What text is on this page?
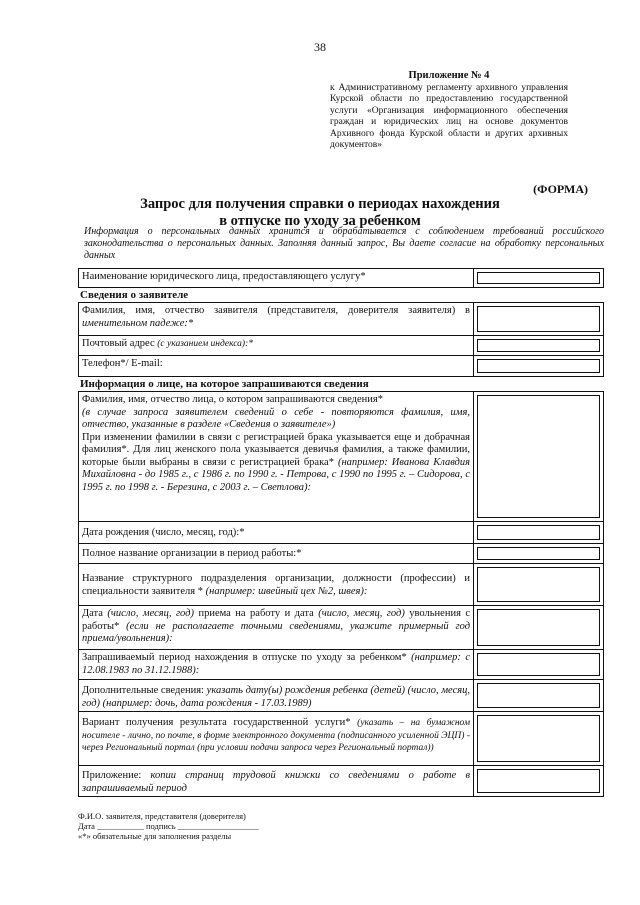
38
Приложение № 4
к Административному регламенту архивного управления Курской области по предоставлению государственной услуги «Организация информационного обеспечения граждан и юридических лиц на основе документов Архивного фонда Курской области и других архивных документов»
(ФОРМА)
Запрос для получения справки о периодах нахождения
в отпуске по уходу за ребенком
Информация о персональных данных хранится и обрабатывается с соблюдением требований российского законодательства о персональных данных. Заполняя данный запрос, Вы даете согласие на обработку персональных данных
Наименование юридического лица, предоставляющего услугу*
Сведения о заявителе
Фамилия, имя, отчество заявителя (представителя, доверителя заявителя) в именительном падеже:*
Почтовый адрес (с указанием индекса):*
Телефон*/ E-mail:
Информация о лице, на которое запрашиваются сведения
Фамилия, имя, отчество лица, о котором запрашиваются сведения*
(в случае запроса заявителем сведений о себе - повторяются фамилия, имя, отчество, указанные в разделе «Сведения о заявителе»)
При изменении фамилии в связи с регистрацией брака указывается еще и добрачная фамилия*. Для лиц женского пола указывается девичья фамилия, а также фамилии, которые были выбраны в связи с регистрацией брака* (например: Иванова Клавдия Михайловна - до 1985 г., с 1986 г. по 1990 г. - Петрова, с 1990 по 1995 г. – Сидорова, с 1995 г. по 1998 г. - Березина, с 2003 г. – Светлова):
Дата рождения (число, месяц, год):*
Полное название организации в период работы:*
Название структурного подразделения организации, должности (профессии) и специальности заявителя * (например: швейный цех №2, швея):
Дата (число, месяц, год) приема на работу и дата (число, месяц, год) увольнения с работы* (если не располагаете точными сведениями, укажите примерный год приема/увольнения):
Запрашиваемый период нахождения в отпуске по уходу за ребенком* (например: с 12.08.1983 по 31.12.1988):
Дополнительные сведения: указать дату(ы) рождения ребенка (детей) (число, месяц, год) (например: дочь, дата рождения - 17.03.1989)
Вариант получения результата государственной услуги* (указать – на бумажном носителе - лично, по почте, в форме электронного документа (подписанного усиленной ЭЦП) - через Региональный портал (при условии подачи запроса через Региональный портал))
Приложение: копии страниц трудовой книжки со сведениями о работе в запрашиваемый период
Ф.И.О. заявителя, представителя (доверителя)
Дата ___________ подпись ___________________
«*» обязательные для заполнения разделы
